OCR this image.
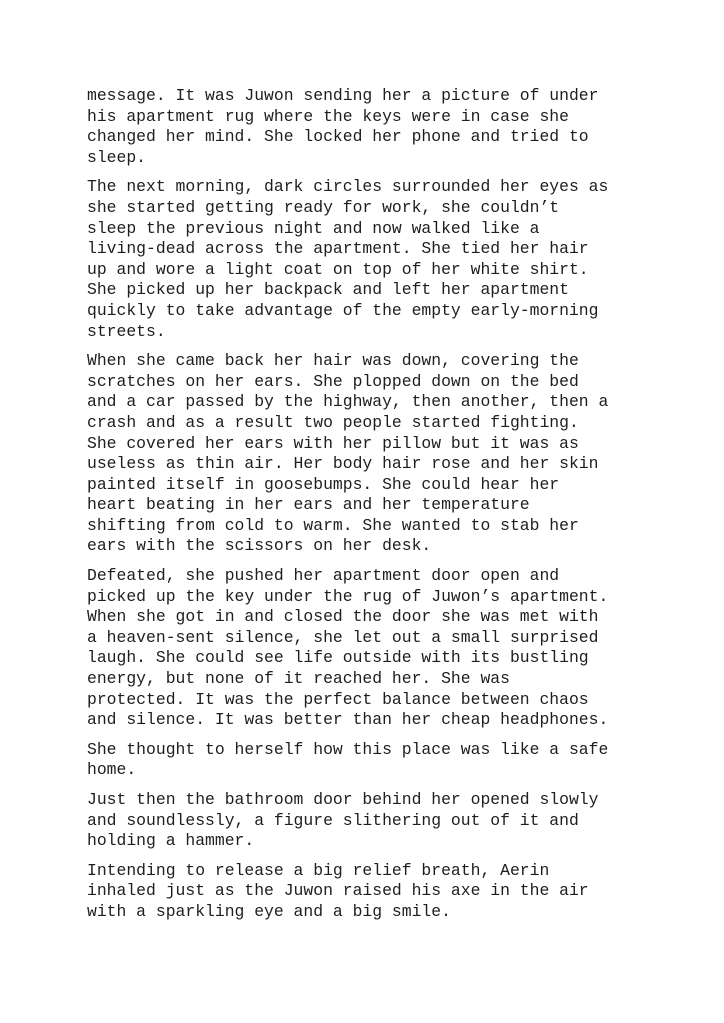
message. It was Juwon sending her a picture of under
his apartment rug where the keys were in case she
changed her mind. She locked her phone and tried to
sleep.

The next morning, dark circles surrounded her eyes as
she started getting ready for work, she couldn’t
sleep the previous night and now walked like a
living-dead across the apartment. She tied her hair
up and wore a light coat on top of her white shirt.
She picked up her backpack and left her apartment
quickly to take advantage of the empty early-morning
streets.

When she came back her hair was down, covering the
scratches on her ears. She plopped down on the bed
and a car passed by the highway, then another, then a
crash and as a result two people started fighting.
She covered her ears with her pillow but it was as
useless as thin air. Her body hair rose and her skin
painted itself in goosebumps. She could hear her
heart beating in her ears and her temperature
shifting from cold to warm. She wanted to stab her
ears with the scissors on her desk.

Defeated, she pushed her apartment door open and
picked up the key under the rug of Juwon’s apartment.
When she got in and closed the door she was met with
a heaven-sent silence, she let out a small surprised
laugh. She could see life outside with its bustling
energy, but none of it reached her. She was
protected. It was the perfect balance between chaos
and silence. It was better than her cheap headphones.

She thought to herself how this place was like a safe
home.

Just then the bathroom door behind her opened slowly
and soundlessly, a figure slithering out of it and
holding a hammer.

Intending to release a big relief breath, Aerin
inhaled just as the Juwon raised his axe in the air
with a sparkling eye and a big smile.
